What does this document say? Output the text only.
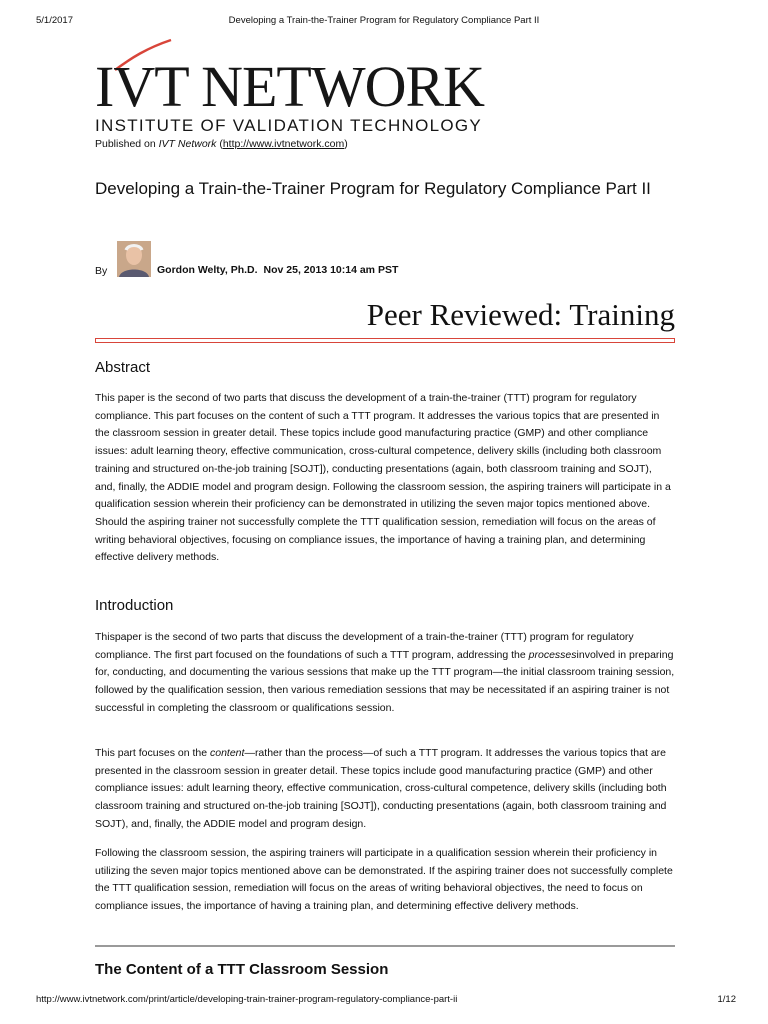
5/1/2017	Developing a Train-the-Trainer Program for Regulatory Compliance Part II
IVT NETWORK
INSTITUTE OF VALIDATION TECHNOLOGY
Published on IVT Network (http://www.ivtnetwork.com)
Developing a Train-the-Trainer Program for Regulatory Compliance Part II
By	Gordon Welty, Ph.D. Nov 25, 2013 10:14 am PST
Peer Reviewed: Training
Abstract

This paper is the second of two parts that discuss the development of a train-the-trainer (TTT) program for regulatory compliance. This part focuses on the content of such a TTT program. It addresses the various topics that are presented in the classroom session in greater detail. These topics include good manufacturing practice (GMP) and other compliance issues: adult learning theory, effective communication, cross-cultural competence, delivery skills (including both classroom training and structured on-the-job training [SOJT]), conducting presentations (again, both classroom training and SOJT), and, finally, the ADDIE model and program design. Following the classroom session, the aspiring trainers will participate in a qualification session wherein their proficiency can be demonstrated in utilizing the seven major topics mentioned above. Should the aspiring trainer not successfully complete the TTT qualification session, remediation will focus on the areas of writing behavioral objectives, focusing on compliance issues, the importance of having a training plan, and determining effective delivery methods.

Introduction

Thispaper is the second of two parts that discuss the development of a train-the-trainer (TTT) program for regulatory compliance. The first part focused on the foundations of such a TTT program, addressing the processesinvolved in preparing for, conducting, and documenting the various sessions that make up the TTT program—the initial classroom training session, followed by the qualification session, then various remediation sessions that may be necessitated if an aspiring trainer is not successful in completing the classroom or qualifications session.

This part focuses on the content—rather than the process—of such a TTT program. It addresses the various topics that are presented in the classroom session in greater detail. These topics include good manufacturing practice (GMP) and other compliance issues: adult learning theory, effective communication, cross-cultural competence, delivery skills (including both classroom training and structured on-the-job training [SOJT]), conducting presentations (again, both classroom training and SOJT), and, finally, the ADDIE model and program design.

Following the classroom session, the aspiring trainers will participate in a qualification session wherein their proficiency in utilizing the seven major topics mentioned above can be demonstrated. If the aspiring trainer does not successfully complete the TTT qualification session, remediation will focus on the areas of writing behavioral objectives, the need to focus on compliance issues, the importance of having a training plan, and determining effective delivery methods.

The Content of a TTT Classroom Session
http://www.ivtnetwork.com/print/article/developing-train-trainer-program-regulatory-compliance-part-ii	1/12
